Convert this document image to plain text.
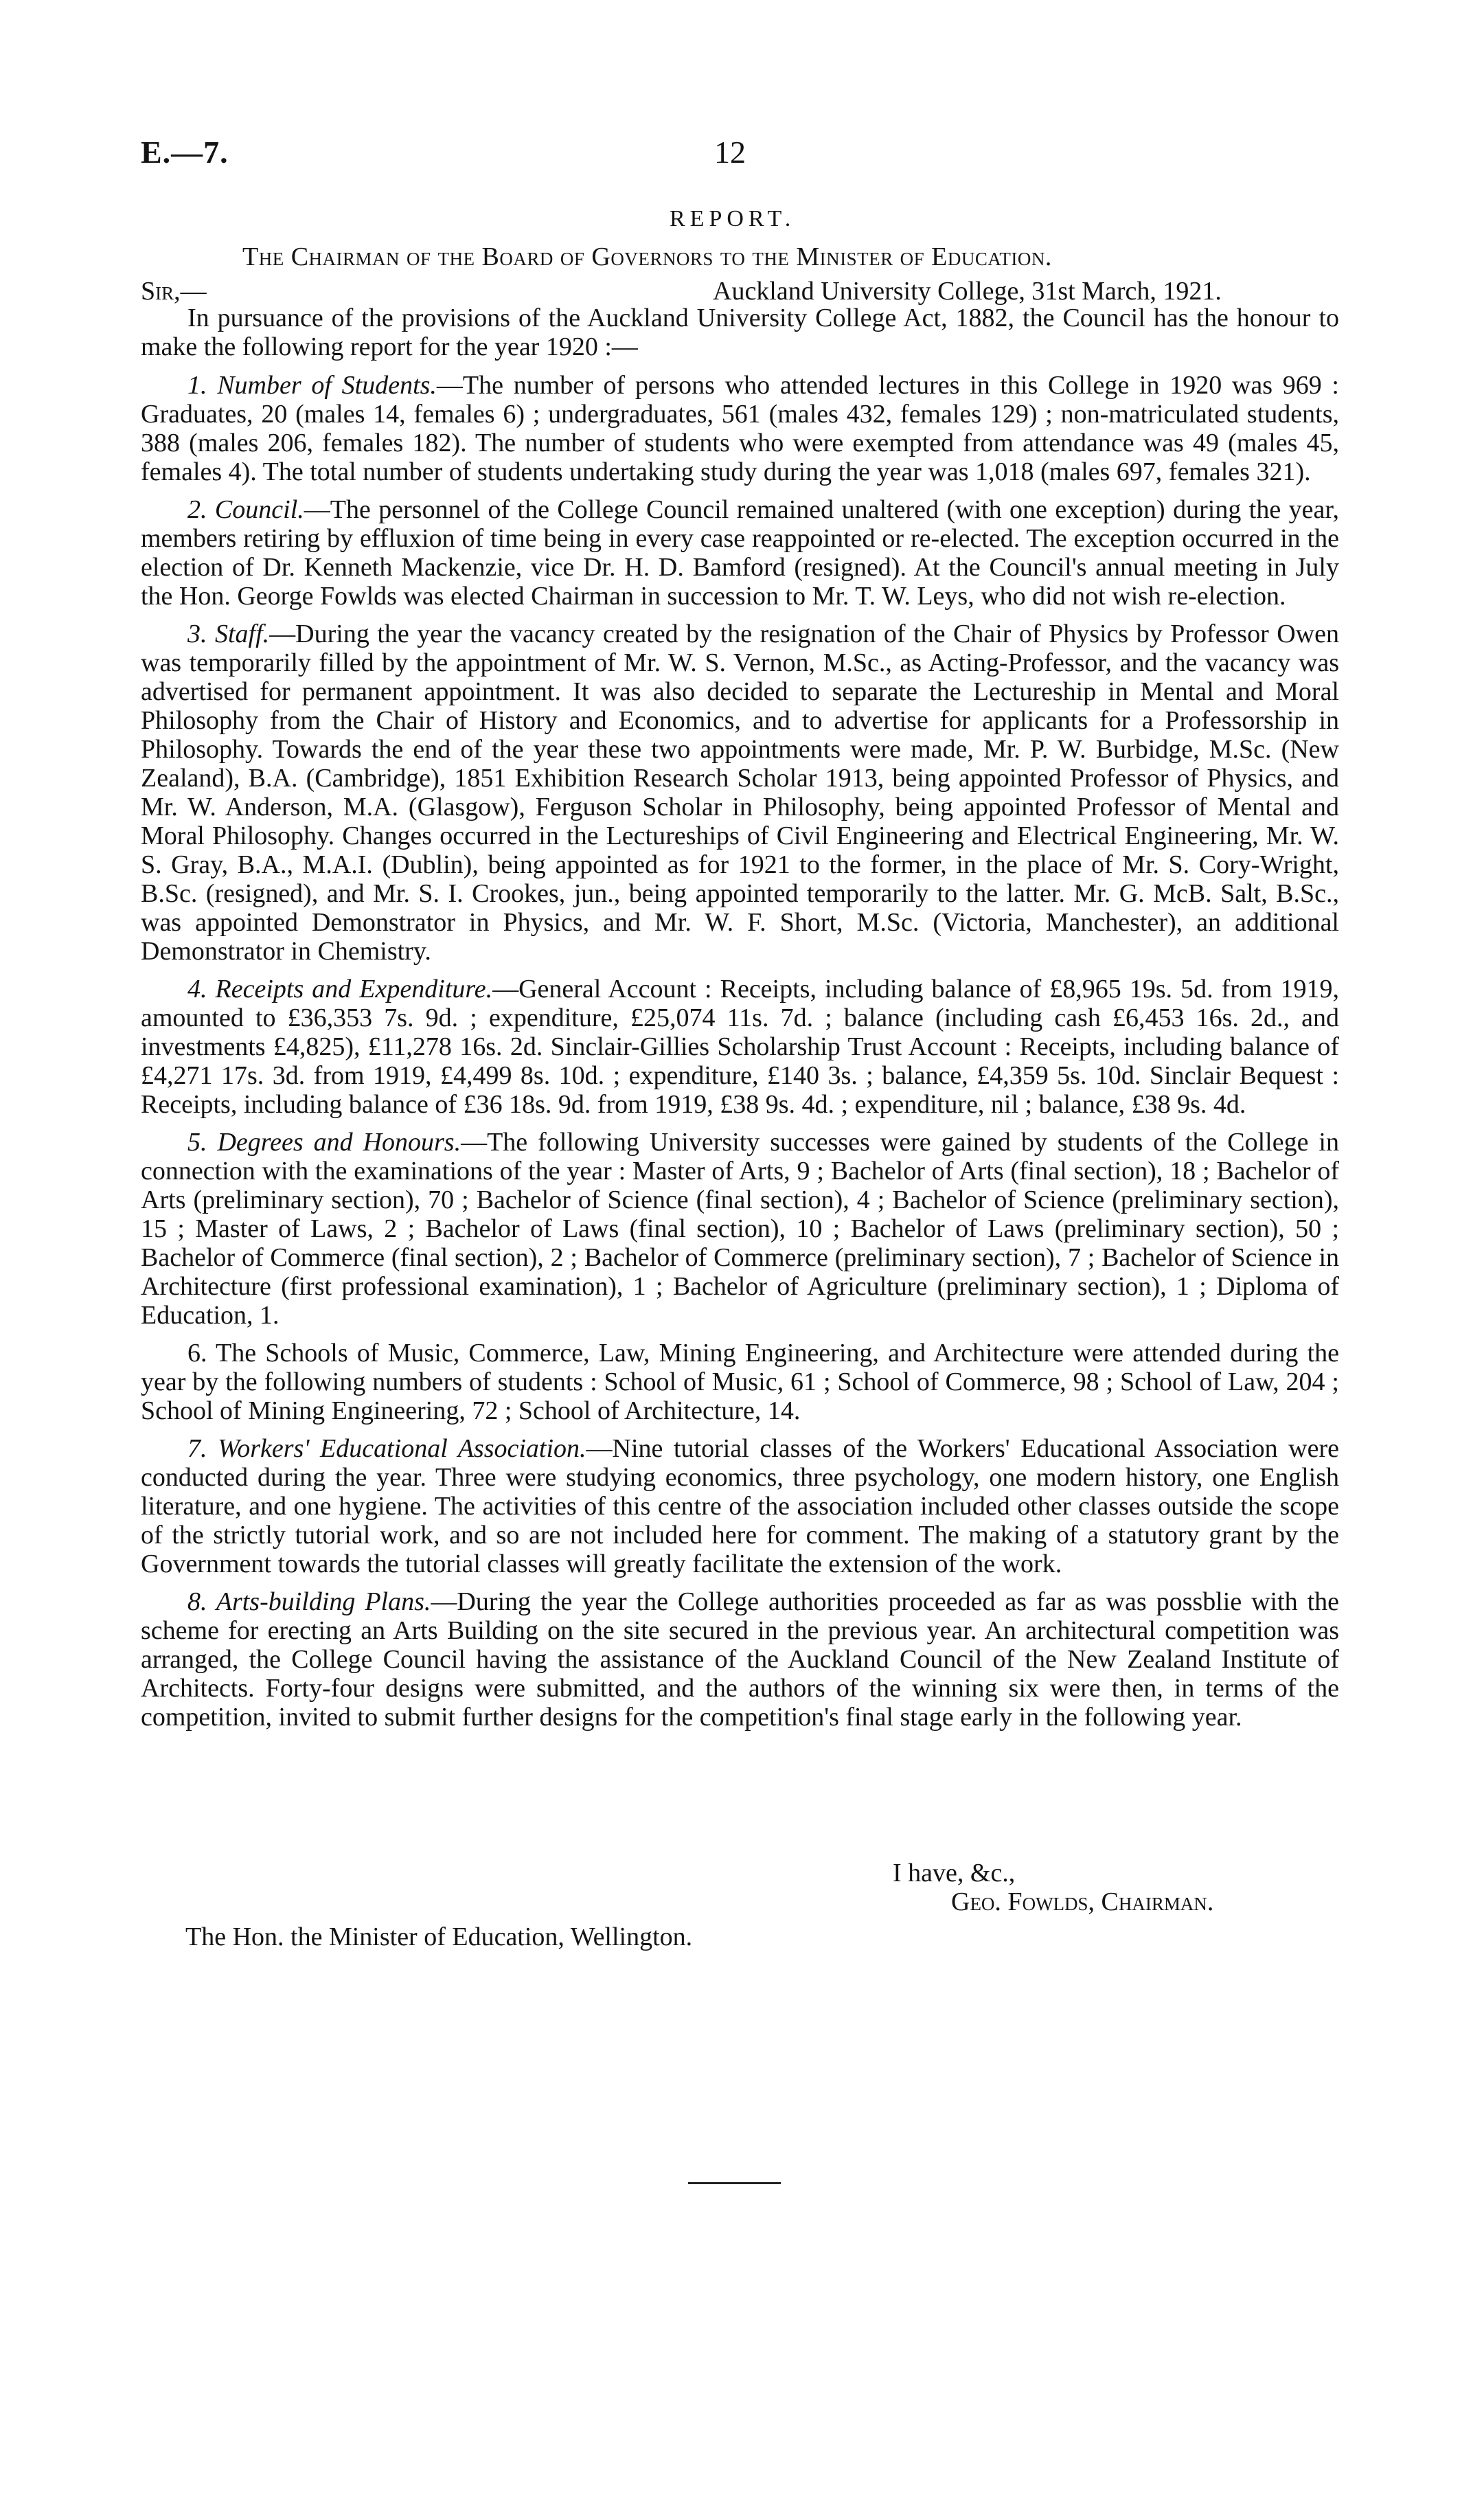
E.—7.	12
REPORT.
The Chairman of the Board of Governors to the Minister of Education.
Sir,—	Auckland University College, 31st March, 1921.

In pursuance of the provisions of the Auckland University College Act, 1882, the Council has the honour to make the following report for the year 1920 :—

1. Number of Students.—The number of persons who attended lectures in this College in 1920 was 969 : Graduates, 20 (males 14, females 6) ; undergraduates, 561 (males 432, females 129) ; non-matriculated students, 388 (males 206, females 182). The number of students who were exempted from attendance was 49 (males 45, females 4). The total number of students undertaking study during the year was 1,018 (males 697, females 321).

2. Council.—The personnel of the College Council remained unaltered (with one exception) during the year, members retiring by effluxion of time being in every case reappointed or re-elected. The exception occurred in the election of Dr. Kenneth Mackenzie, vice Dr. H. D. Bamford (resigned). At the Council's annual meeting in July the Hon. George Fowlds was elected Chairman in succession to Mr. T. W. Leys, who did not wish re-election.

3. Staff.—During the year the vacancy created by the resignation of the Chair of Physics by Professor Owen was temporarily filled by the appointment of Mr. W. S. Vernon, M.Sc., as Acting-Professor, and the vacancy was advertised for permanent appointment. It was also decided to separate the Lectureship in Mental and Moral Philosophy from the Chair of History and Economics, and to advertise for applicants for a Professorship in Philosophy. Towards the end of the year these two appointments were made, Mr. P. W. Burbidge, M.Sc. (New Zealand), B.A. (Cambridge), 1851 Exhibition Research Scholar 1913, being appointed Professor of Physics, and Mr. W. Anderson, M.A. (Glasgow), Ferguson Scholar in Philosophy, being appointed Professor of Mental and Moral Philosophy. Changes occurred in the Lectureships of Civil Engineering and Electrical Engineering, Mr. W. S. Gray, B.A., M.A.I. (Dublin), being appointed as for 1921 to the former, in the place of Mr. S. Cory-Wright, B.Sc. (resigned), and Mr. S. I. Crookes, jun., being appointed temporarily to the latter. Mr. G. McB. Salt, B.Sc., was appointed Demonstrator in Physics, and Mr. W. F. Short, M.Sc. (Victoria, Manchester), an additional Demonstrator in Chemistry.

4. Receipts and Expenditure.—General Account : Receipts, including balance of £8,965 19s. 5d. from 1919, amounted to £36,353 7s. 9d. ; expenditure, £25,074 11s. 7d. ; balance (including cash £6,453 16s. 2d., and investments £4,825), £11,278 16s. 2d. Sinclair-Gillies Scholarship Trust Account : Receipts, including balance of £4,271 17s. 3d. from 1919, £4,499 8s. 10d. ; expenditure, £140 3s. ; balance, £4,359 5s. 10d. Sinclair Bequest : Receipts, including balance of £36 18s. 9d. from 1919, £38 9s. 4d. ; expenditure, nil ; balance, £38 9s. 4d.

5. Degrees and Honours.—The following University successes were gained by students of the College in connection with the examinations of the year : Master of Arts, 9 ; Bachelor of Arts (final section), 18 ; Bachelor of Arts (preliminary section), 70 ; Bachelor of Science (final section), 4 ; Bachelor of Science (preliminary section), 15 ; Master of Laws, 2 ; Bachelor of Laws (final section), 10 ; Bachelor of Laws (preliminary section), 50 ; Bachelor of Commerce (final section), 2 ; Bachelor of Commerce (preliminary section), 7 ; Bachelor of Science in Architecture (first professional examination), 1 ; Bachelor of Agriculture (preliminary section), 1 ; Diploma of Education, 1.

6. The Schools of Music, Commerce, Law, Mining Engineering, and Architecture were attended during the year by the following numbers of students : School of Music, 61 ; School of Commerce, 98 ; School of Law, 204 ; School of Mining Engineering, 72 ; School of Architecture, 14.

7. Workers' Educational Association.—Nine tutorial classes of the Workers' Educational Association were conducted during the year. Three were studying economics, three psychology, one modern history, one English literature, and one hygiene. The activities of this centre of the association included other classes outside the scope of the strictly tutorial work, and so are not included here for comment. The making of a statutory grant by the Government towards the tutorial classes will greatly facilitate the extension of the work.

8. Arts-building Plans.—During the year the College authorities proceeded as far as was possblie with the scheme for erecting an Arts Building on the site secured in the previous year. An architectural competition was arranged, the College Council having the assistance of the Auckland Council of the New Zealand Institute of Architects. Forty-four designs were submitted, and the authors of the winning six were then, in terms of the competition, invited to submit further designs for the competition's final stage early in the following year.

I have, &c.,
Geo. Fowlds, Chairman.
The Hon. the Minister of Education, Wellington.
